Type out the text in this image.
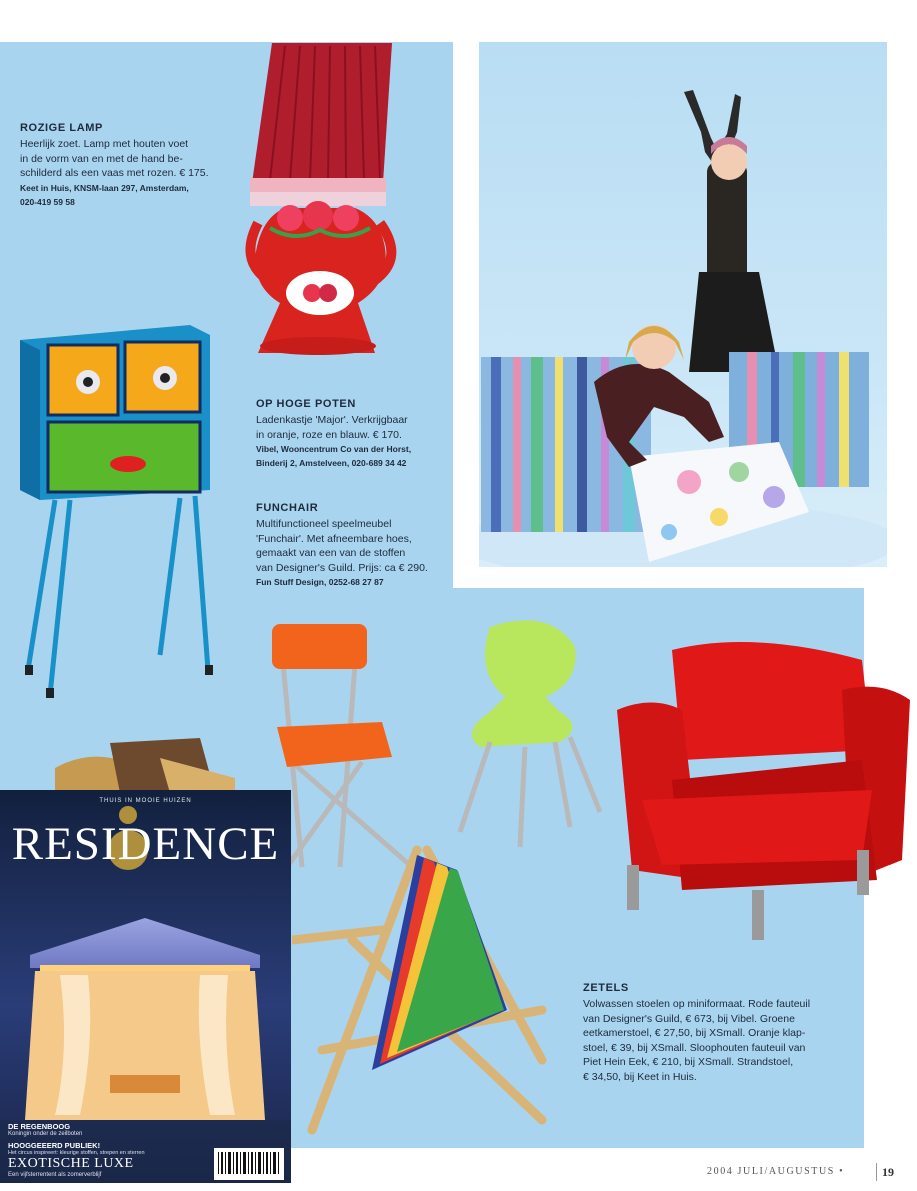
ROZIGE LAMP

Heerlijk zoet. Lamp met houten voet

in de vorm van en met de hand be-

schilderd als een vaas met rozen. € 175.

Keet in Huis, KNSM-laan 297, Amsterdam,

020-419 59 58

OP HOGE POTEN

Ladenkastje 'Major'. Verkrijgbaar

in oranje, roze en blauw. € 170.

Vibel, Wooncentrum Co van der Horst,

Binderij 2, Amstelveen, 020-689 34 42

FUNCHAIR

Multifunctioneel speelmeubel

'Funchair'. Met afneembare hoes,

gemaakt van een van de stoffen

van Designer's Guild. Prijs: ca € 290.

Fun Stuff Design, 0252-68 27 87

ZETELS

Volwassen stoelen op miniformaat. Rode fauteuil

van Designer's Guild, € 673, bij Vibel. Groene

eetkamerstoel, € 27,50, bij XSmall. Oranje klap-

stoel, € 39, bij XSmall. Sloophouten fauteuil van

Piet Hein Eek, € 210, bij XSmall. Strandstoel,

€ 34,50, bij Keet in Huis.

THUIS IN MOOIE HUIZEN
RESIDENCE
DE REGENBOOG
Koningin onder de zeilboten
HOOGGEEERD PUBLIEK!
Het circus inspireert: kleurige stoffen, strepen en sterren
EXOTISCHE LUXE
Een vijfsterrentent als zomerverblijf	2004 JULI/AUGUSTUS •	19
